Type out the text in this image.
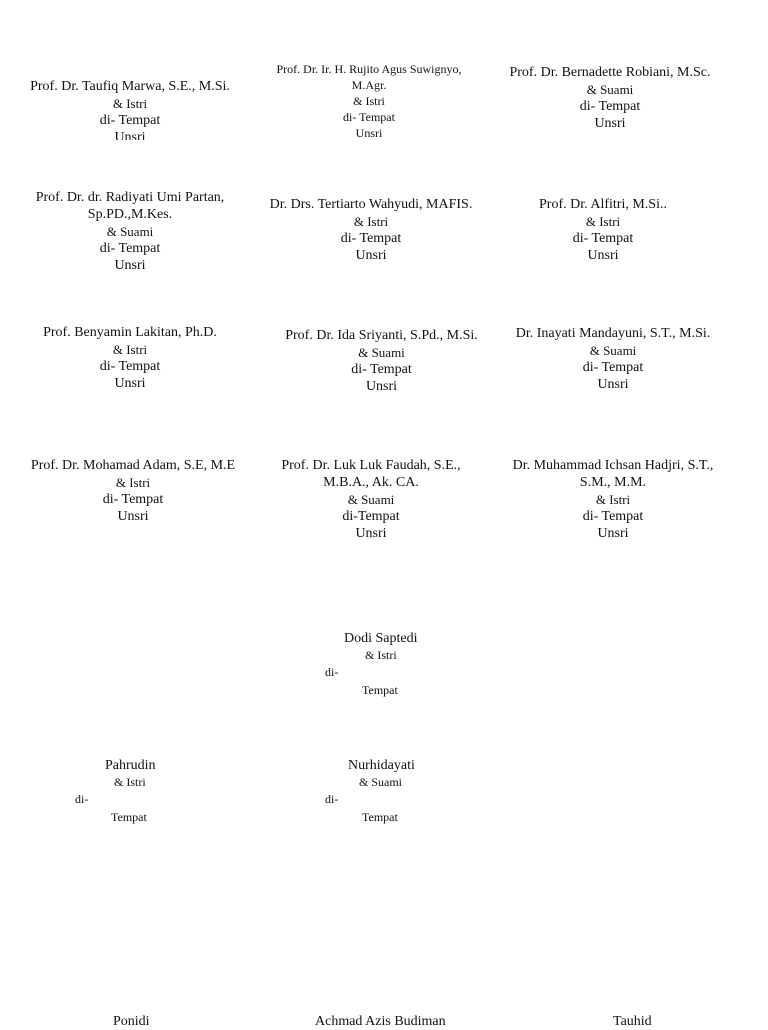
Prof. Dr. Taufiq Marwa, S.E., M.Si.
& Istri
di- Tempat
Unsri
Prof. Dr. Ir. H. Rujito Agus Suwignyo,
M.Agr.
& Istri
di- Tempat
Unsri
Prof. Dr. Bernadette Robiani, M.Sc.
& Suami
di- Tempat
Unsri
Prof. Dr. dr. Radiyati Umi Partan,
Sp.PD.,M.Kes.
& Suami
di- Tempat
Unsri
Dr. Drs. Tertiarto Wahyudi, MAFIS.
& Istri
di- Tempat
Unsri
Prof. Dr. Alfitri, M.Si..
& Istri
di- Tempat
Unsri
Prof. Benyamin Lakitan, Ph.D.
& Istri
di- Tempat
Unsri
Prof. Dr. Ida Sriyanti, S.Pd., M.Si.
& Suami
di- Tempat
Unsri
Dr. Inayati Mandayuni, S.T., M.Si.
& Suami
di- Tempat
Unsri
Prof. Dr. Mohamad Adam, S.E, M.E
& Istri
di- Tempat
Unsri
Prof. Dr. Luk Luk Faudah, S.E.,
M.B.A., Ak. CA.
& Suami
di-Tempat
Unsri
Dr. Muhammad Ichsan Hadjri, S.T.,
S.M., M.M.
& Istri
di- Tempat
Unsri
Dodi Saptedi
& Istri
di-
Tempat
Pahrudin
& Istri
di-
Tempat
Nurhidayati
& Suami
di-
Tempat
Ponidi	Achmad Azis Budiman	Tauhid
